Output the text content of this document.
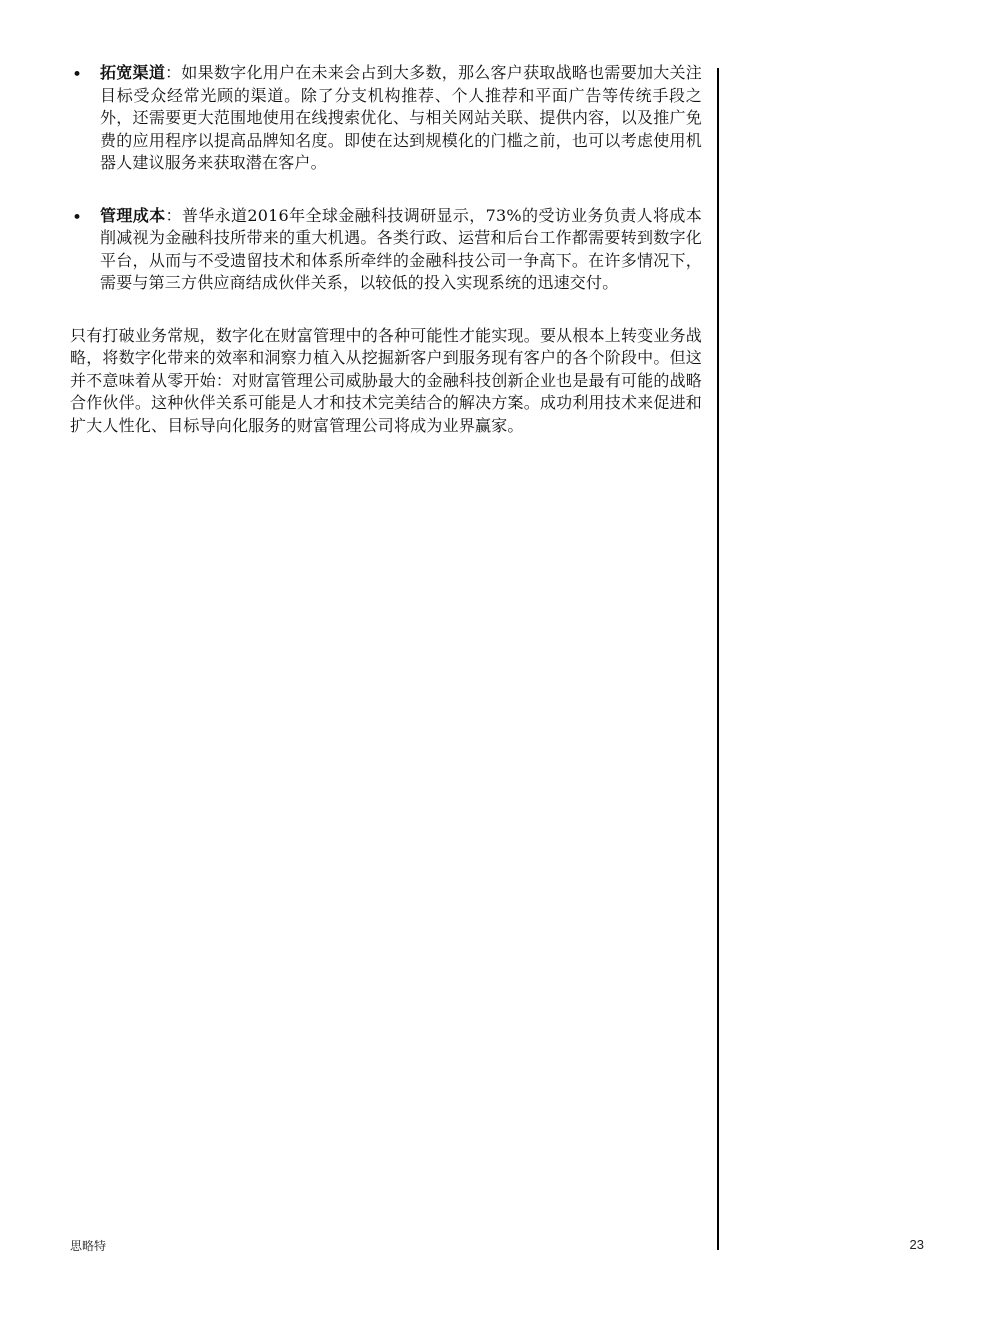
• 拓宽渠道：如果数字化用户在未来会占到大多数，那么客户获取战略也需要加大关注目标受众经常光顾的渠道。除了分支机构推荐、个人推荐和平面广告等传统手段之外，还需要更大范围地使用在线搜索优化、与相关网站关联、提供内容，以及推广免费的应用程序以提高品牌知名度。即使在达到规模化的门槛之前，也可以考虑使用机器人建议服务来获取潜在客户。
• 管理成本：普华永道2016年全球金融科技调研显示，73%的受访业务负责人将成本削减视为金融科技所带来的重大机遇。各类行政、运营和后台工作都需要转到数字化平台，从而与不受遗留技术和体系所牵绊的金融科技公司一争高下。在许多情况下，需要与第三方供应商结成伙伴关系，以较低的投入实现系统的迅速交付。

只有打破业务常规，数字化在财富管理中的各种可能性才能实现。要从根本上转变业务战略，将数字化带来的效率和洞察力植入从挖掘新客户到服务现有客户的各个阶段中。但这并不意味着从零开始：对财富管理公司威胁最大的金融科技创新企业也是最有可能的战略合作伙伴。这种伙伴关系可能是人才和技术完美结合的解决方案。成功利用技术来促进和扩大人性化、目标导向化服务的财富管理公司将成为业界赢家。

思略特	23
